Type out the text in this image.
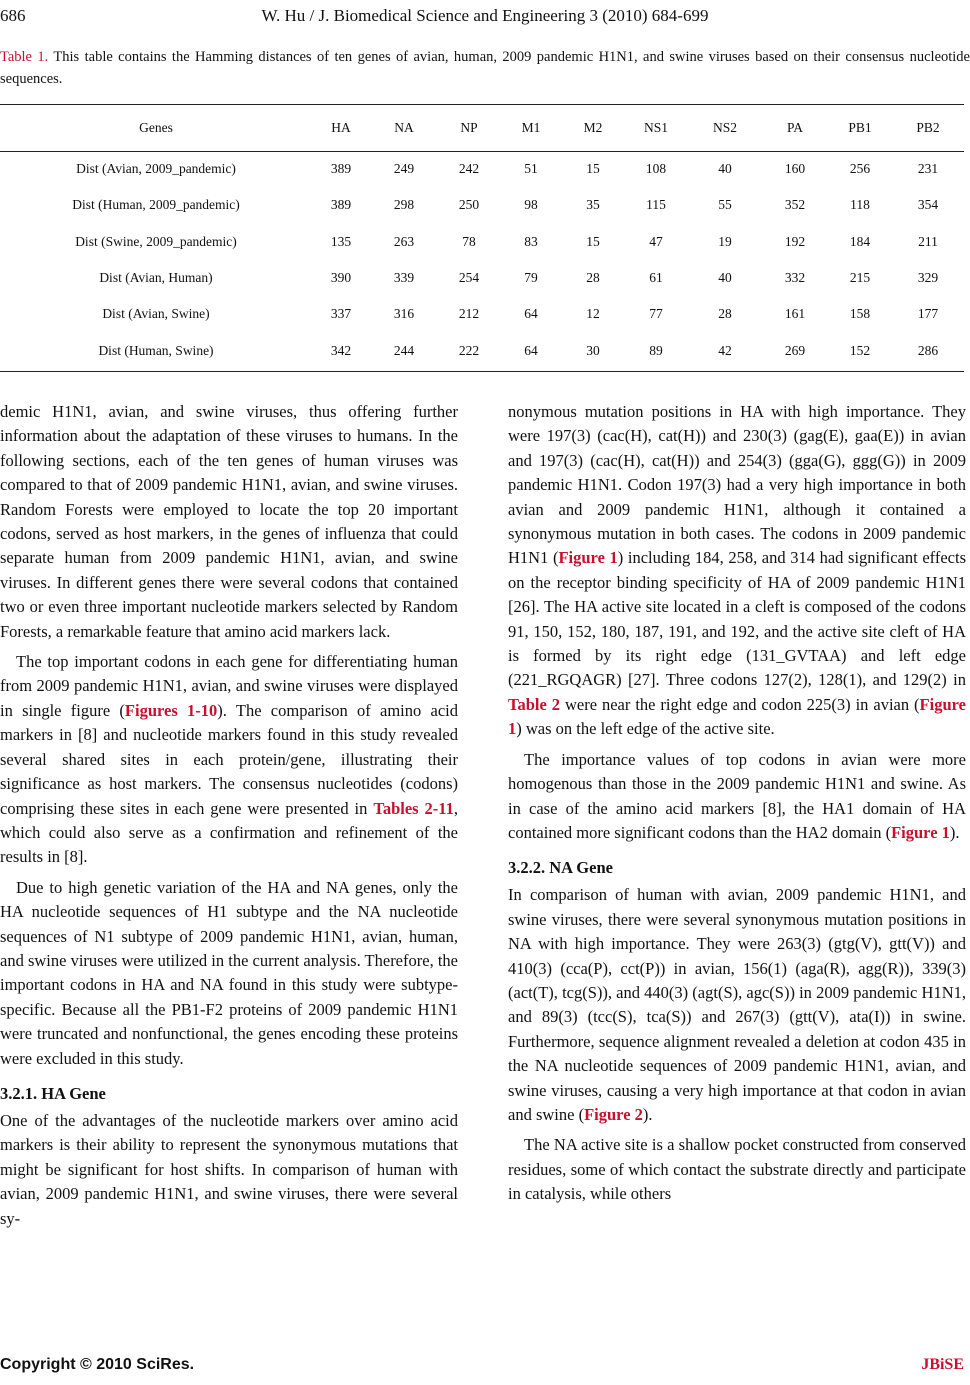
686	W. Hu / J. Biomedical Science and Engineering 3 (2010) 684-699
Table 1. This table contains the Hamming distances of ten genes of avian, human, 2009 pandemic H1N1, and swine viruses based on their consensus nucleotide sequences.
Genes	HA	NA	NP	M1	M2	NS1	NS2	PA	PB1	PB2
Dist (Avian, 2009_pandemic)	389	249	242	51	15	108	40	160	256	231
Dist (Human, 2009_pandemic)	389	298	250	98	35	115	55	352	118	354
Dist (Swine, 2009_pandemic)	135	263	78	83	15	47	19	192	184	211
Dist (Avian, Human)	390	339	254	79	28	61	40	332	215	329
Dist (Avian, Swine)	337	316	212	64	12	77	28	161	158	177
Dist (Human, Swine)	342	244	222	64	30	89	42	269	152	286

demic H1N1, avian, and swine viruses, thus offering further information about the adaptation of these viruses to humans. In the following sections, each of the ten genes of human viruses was compared to that of 2009 pandemic H1N1, avian, and swine viruses. Random Forests were employed to locate the top 20 important codons, served as host markers, in the genes of influenza that could separate human from 2009 pandemic H1N1, avian, and swine viruses. In different genes there were several codons that contained two or even three important nucleotide markers selected by Random Forests, a remarkable feature that amino acid markers lack.

The top important codons in each gene for differentiating human from 2009 pandemic H1N1, avian, and swine viruses were displayed in single figure (Figures 1-10). The comparison of amino acid markers in [8] and nucleotide markers found in this study revealed several shared sites in each protein/gene, illustrating their significance as host markers. The consensus nucleotides (codons) comprising these sites in each gene were presented in Tables 2-11, which could also serve as a confirmation and refinement of the results in [8].

Due to high genetic variation of the HA and NA genes, only the HA nucleotide sequences of H1 subtype and the NA nucleotide sequences of N1 subtype of 2009 pandemic H1N1, avian, human, and swine viruses were utilized in the current analysis. Therefore, the important codons in HA and NA found in this study were subtype-specific. Because all the PB1-F2 proteins of 2009 pandemic H1N1 were truncated and nonfunctional, the genes encoding these proteins were excluded in this study.

3.2.1. HA Gene

One of the advantages of the nucleotide markers over amino acid markers is their ability to represent the synonymous mutations that might be significant for host shifts. In comparison of human with avian, 2009 pandemic H1N1, and swine viruses, there were several sy-

nonymous mutation positions in HA with high importance. They were 197(3) (cac(H), cat(H)) and 230(3) (gag(E), gaa(E)) in avian and 197(3) (cac(H), cat(H)) and 254(3) (gga(G), ggg(G)) in 2009 pandemic H1N1. Codon 197(3) had a very high importance in both avian and 2009 pandemic H1N1, although it contained a synonymous mutation in both cases. The codons in 2009 pandemic H1N1 (Figure 1) including 184, 258, and 314 had significant effects on the receptor binding specificity of HA of 2009 pandemic H1N1 [26]. The HA active site located in a cleft is composed of the codons 91, 150, 152, 180, 187, 191, and 192, and the active site cleft of HA is formed by its right edge (131_GVTAA) and left edge (221_RGQAGR) [27]. Three codons 127(2), 128(1), and 129(2) in Table 2 were near the right edge and codon 225(3) in avian (Figure 1) was on the left edge of the active site.

The importance values of top codons in avian were more homogenous than those in the 2009 pandemic H1N1 and swine. As in case of the amino acid markers [8], the HA1 domain of HA contained more significant codons than the HA2 domain (Figure 1).

3.2.2. NA Gene

In comparison of human with avian, 2009 pandemic H1N1, and swine viruses, there were several synonymous mutation positions in NA with high importance. They were 263(3) (gtg(V), gtt(V)) and 410(3) (cca(P), cct(P)) in avian, 156(1) (aga(R), agg(R)), 339(3) (act(T), tcg(S)), and 440(3) (agt(S), agc(S)) in 2009 pandemic H1N1, and 89(3) (tcc(S), tca(S)) and 267(3) (gtt(V), ata(I)) in swine. Furthermore, sequence alignment revealed a deletion at codon 435 in the NA nucleotide sequences of 2009 pandemic H1N1, avian, and swine viruses, causing a very high importance at that codon in avian and swine (Figure 2).

The NA active site is a shallow pocket constructed from conserved residues, some of which contact the substrate directly and participate in catalysis, while others

Copyright © 2010 SciRes.	JBiSE
